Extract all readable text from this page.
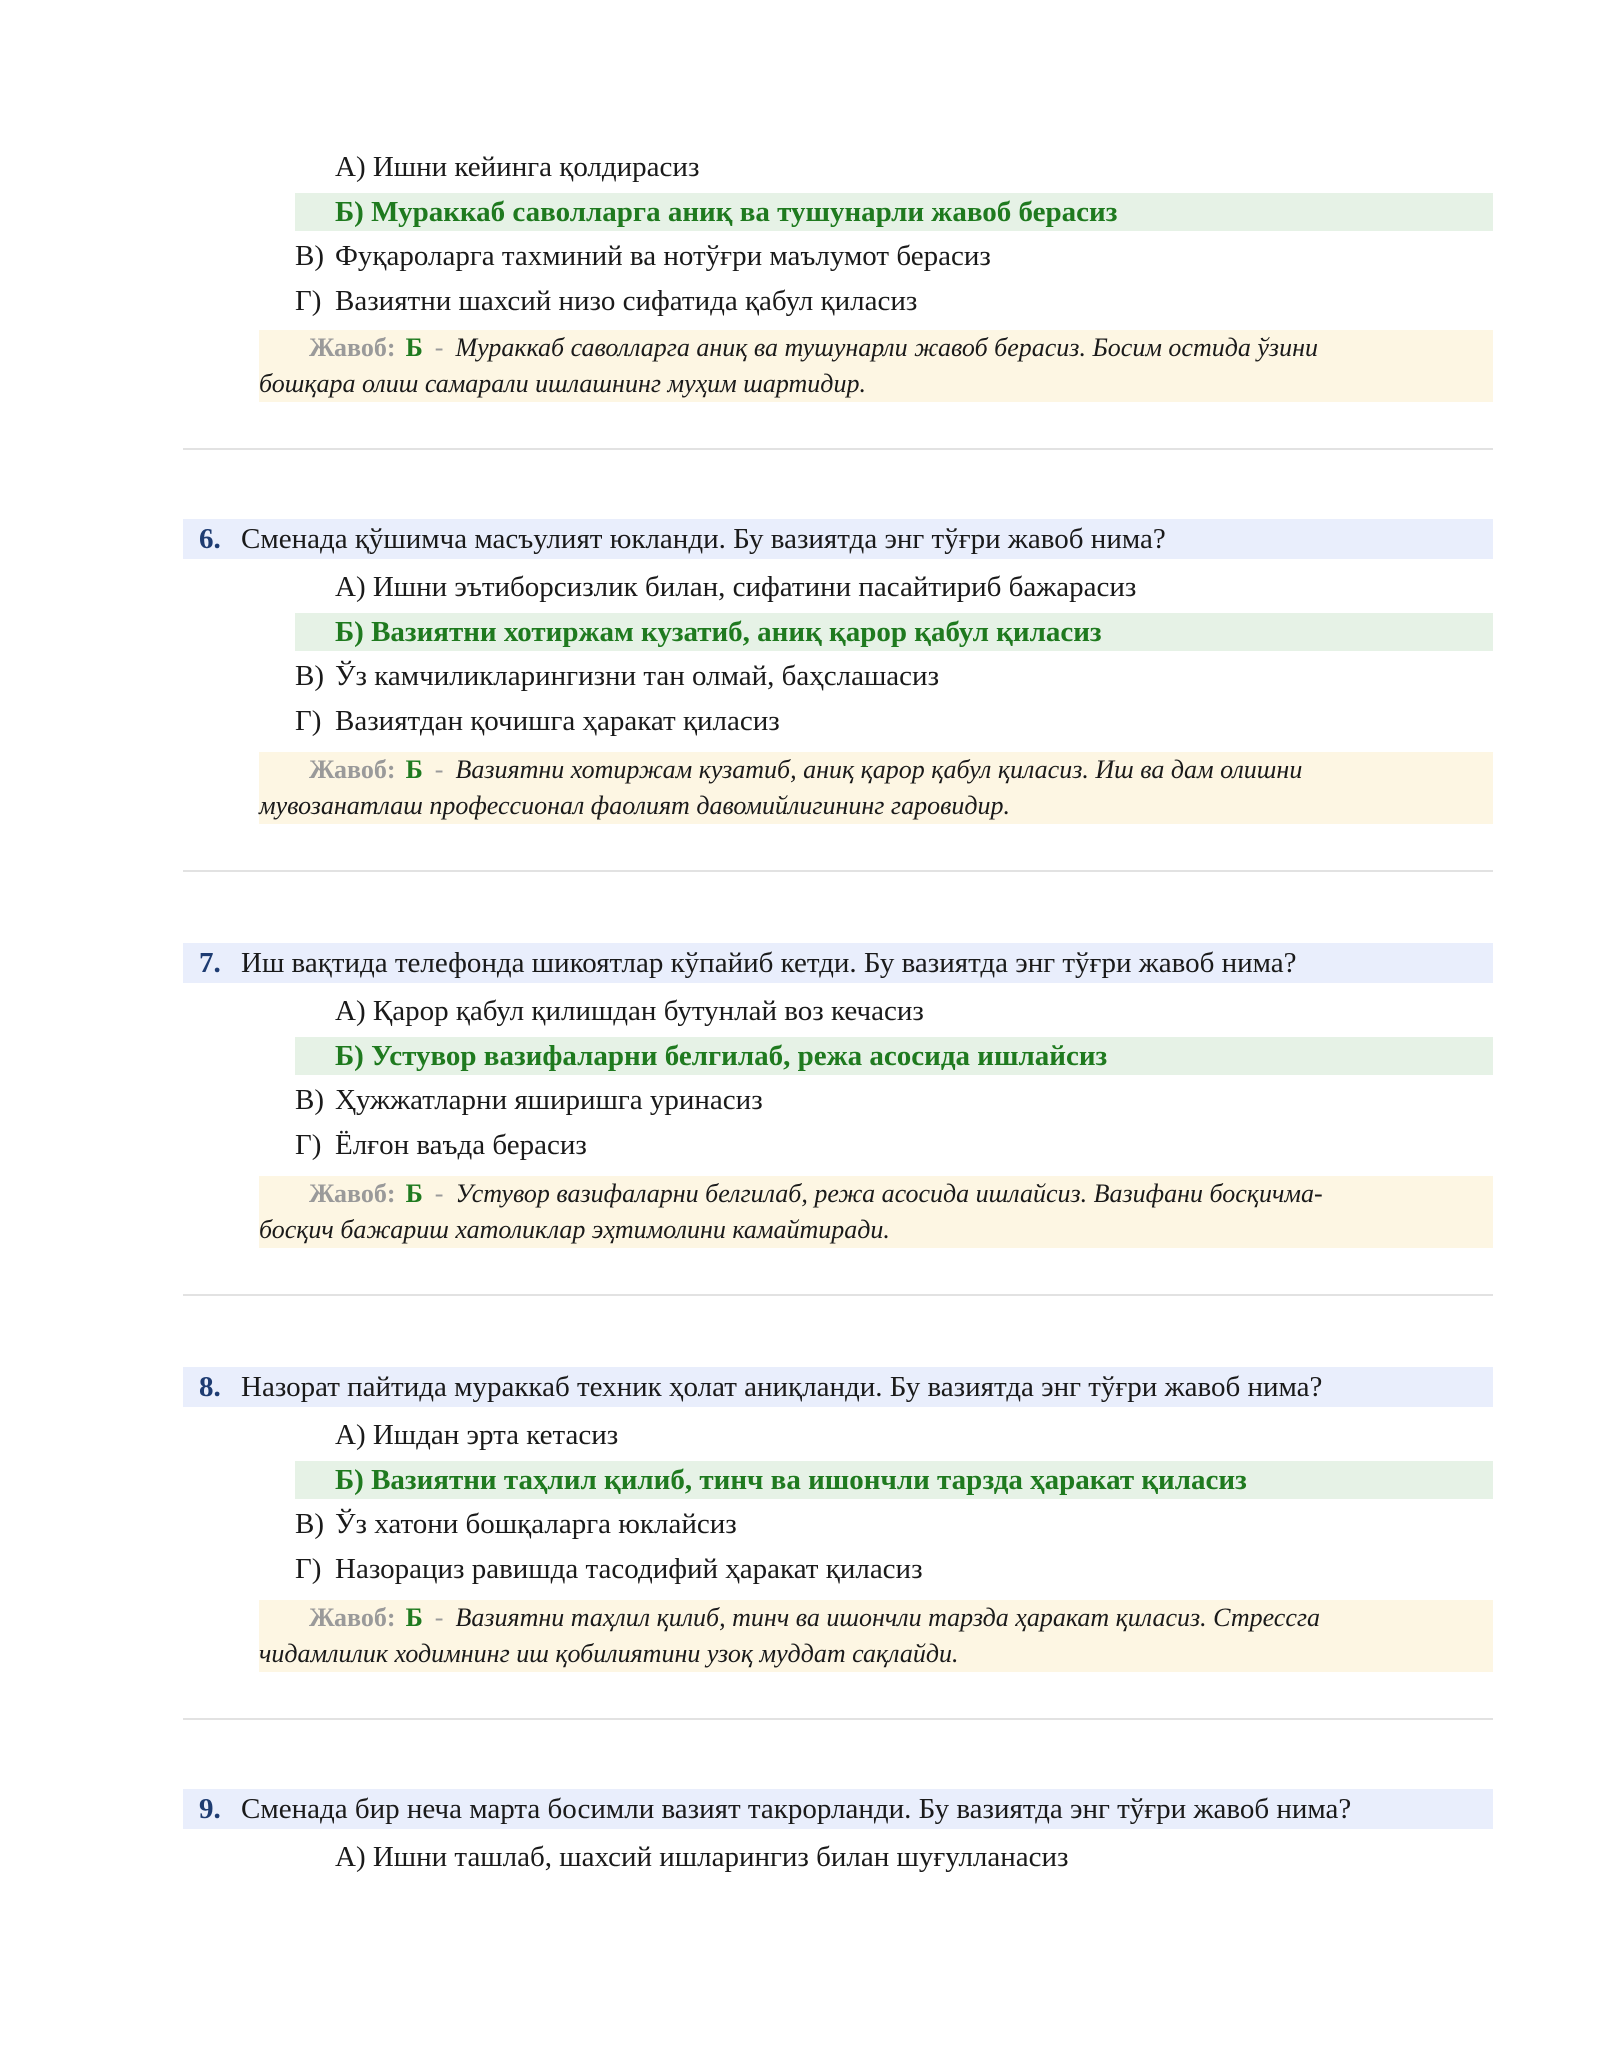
А) Ишни кейинга қолдирасиз
Б) Мураккаб саволларга аниқ ва тушунарли жавоб берасиз
В) Фуқароларга тахминий ва нотўғри маълумот берасиз
Г) Вазиятни шахсий низо сифатида қабул қиласиз
Жавоб: Б - Мураккаб саволларга аниқ ва тушунарли жавоб берасиз. Босим остида ўзини
бошқара олиш самарали ишлашнинг муҳим шартидир.
6. Сменада қўшимча масъулият юкланди. Бу вазиятда энг тўғри жавоб нима?
А) Ишни эътиборсизлик билан, сифатини пасайтириб бажарасиз
Б) Вазиятни хотиржам кузатиб, аниқ қарор қабул қиласиз
В) Ўз камчиликларингизни тан олмай, баҳслашасиз
Г) Вазиятдан қочишга ҳаракат қиласиз
Жавоб: Б - Вазиятни хотиржам кузатиб, аниқ қарор қабул қиласиз. Иш ва дам олишни
мувозанатлаш профессионал фаолият давомийлигининг гаровидир.
7. Иш вақтида телефонда шикоятлар кўпайиб кетди. Бу вазиятда энг тўғри жавоб нима?
А) Қарор қабул қилишдан бутунлай воз кечасиз
Б) Устувор вазифаларни белгилаб, режа асосида ишлайсиз
В) Ҳужжатларни яширишга уринасиз
Г) Ёлғон ваъда берасиз
Жавоб: Б - Устувор вазифаларни белгилаб, режа асосида ишлайсиз. Вазифани босқичма-
босқич бажариш хатоликлар эҳтимолини камайтиради.
8. Назорат пайтида мураккаб техник ҳолат аниқланди. Бу вазиятда энг тўғри жавоб нима?
А) Ишдан эрта кетасиз
Б) Вазиятни таҳлил қилиб, тинч ва ишончли тарзда ҳаракат қиласиз
В) Ўз хатони бошқаларга юклайсиз
Г) Назорациз равишда тасодифий ҳаракат қиласиз
Жавоб: Б - Вазиятни таҳлил қилиб, тинч ва ишончли тарзда ҳаракат қиласиз. Стрессга
чидамлилик ходимнинг иш қобилиятини узоқ муддат сақлайди.
9. Сменада бир неча марта босимли вазият такрорланди. Бу вазиятда энг тўғри жавоб нима?
А) Ишни ташлаб, шахсий ишларингиз билан шуғулланасиз
